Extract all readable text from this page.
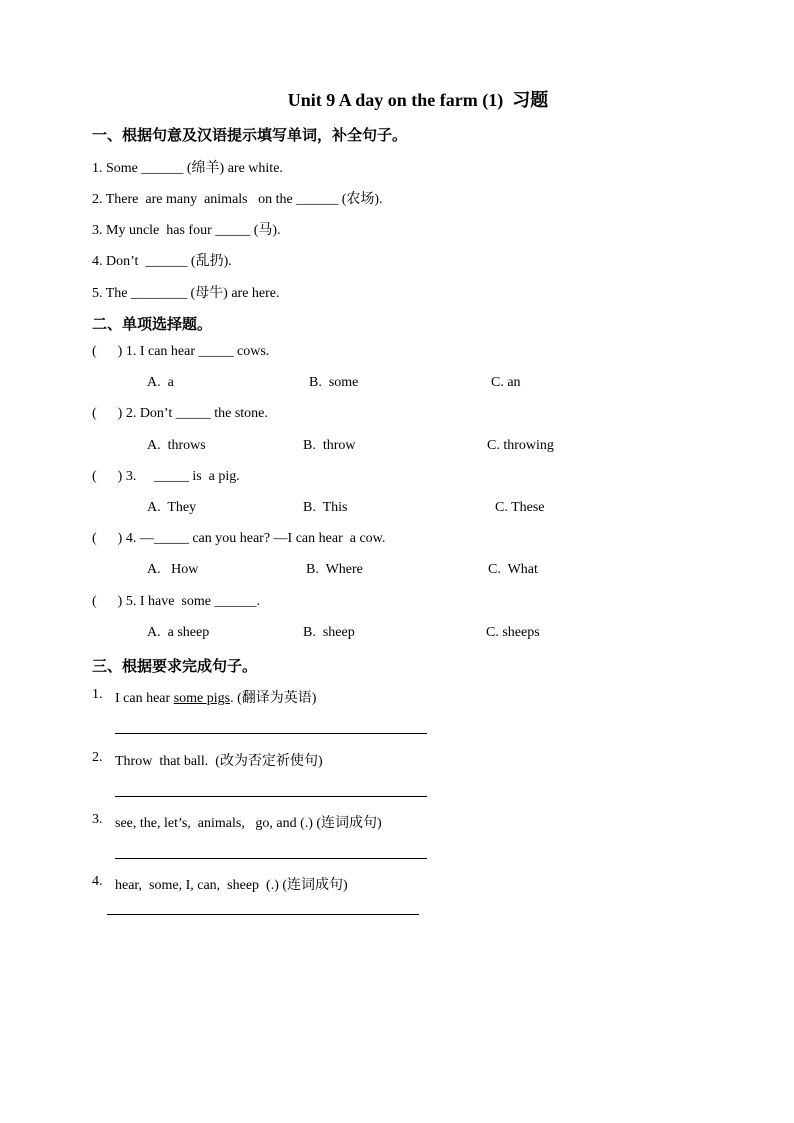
Unit 9 A day on the farm (1)  习题
一、根据句意及汉语提示填写单词，补全句子。
1. Some ______ (绵羊) are white.
2. There  are many  animals   on the ______ (农场).
3. My uncle  has four _____ (马).
4. Don’t  ______ (乱扔).
5. The ________ (母牛) are here.
二、单项选择题。
(      ) 1. I can hear _____ cows.
A.  a	B.  some	C. an
(      ) 2. Don’t _____ the stone.
A.  throws	B.  throw	C. throwing
(      ) 3.     _____ is  a pig.
A.  They	B.  This	C. These
(      ) 4. —_____ can you hear? —I can hear  a cow.
A.   How	B.  Where	C.  What
(      ) 5. I have  some ______.
A.  a sheep	B.  sheep	C. sheeps
三、根据要求完成句子。
1. I can hear some pigs. (翻译为英语)
2. Throw  that ball.  (改为否定祈使句)
3. see, the, let’s,  animals,   go, and (.) (连词成句)
4. hear,  some, I, can,  sheep  (.) (连词成句)
